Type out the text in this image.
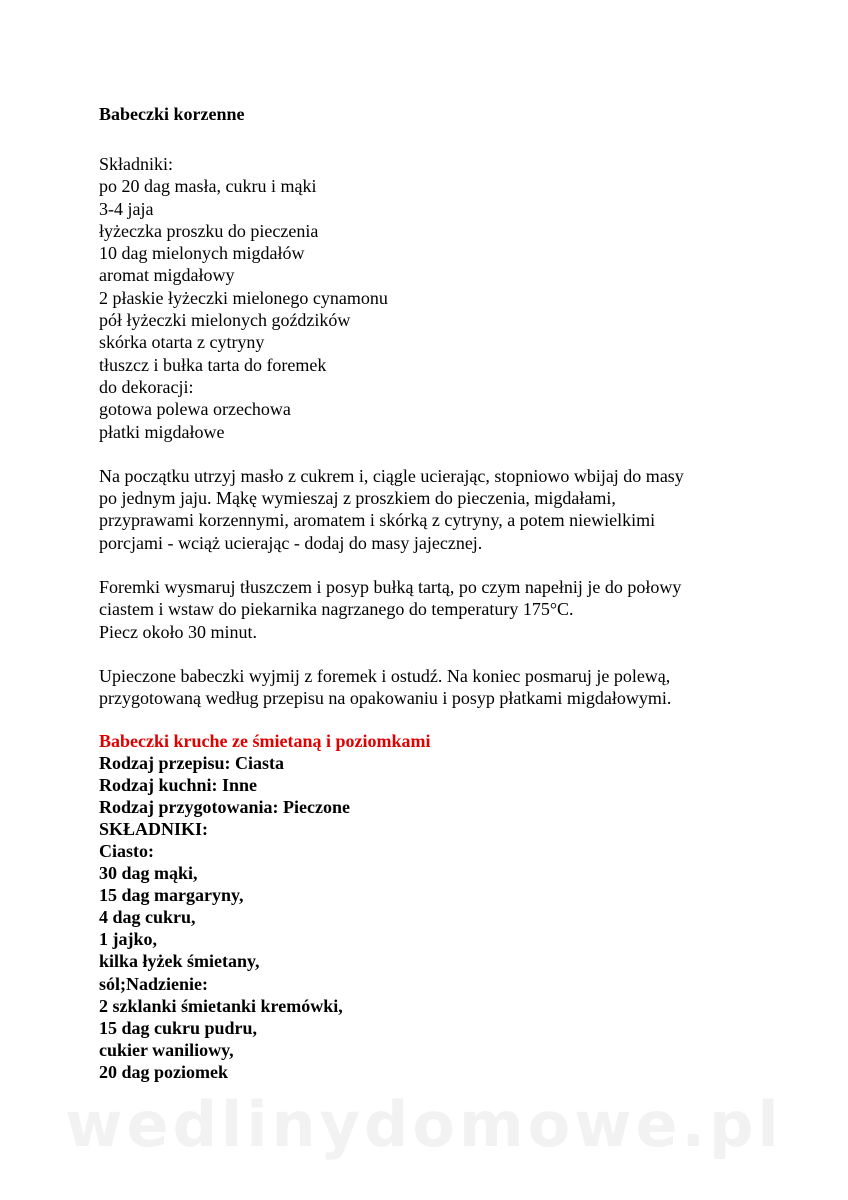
Babeczki korzenne
Składniki:
po 20 dag masła, cukru i mąki
3-4 jaja
łyżeczka proszku do pieczenia
10 dag mielonych migdałów
aromat migdałowy
2 płaskie łyżeczki mielonego cynamonu
pół łyżeczki mielonych goździków
skórka otarta z cytryny
tłuszcz i bułka tarta do foremek
do dekoracji:
gotowa polewa orzechowa
płatki migdałowe
Na początku utrzyj masło z cukrem i, ciągle ucierając, stopniowo wbijaj do masy
po jednym jaju. Mąkę wymieszaj z proszkiem do pieczenia, migdałami,
przyprawami korzennymi, aromatem i skórką z cytryny, a potem niewielkimi
porcjami - wciąż ucierając - dodaj do masy jajecznej.
Foremki wysmaruj tłuszczem i posyp bułką tartą, po czym napełnij je do połowy
ciastem i wstaw do piekarnika nagrzanego do temperatury 175°C.
Piecz około 30 minut.
Upieczone babeczki wyjmij z foremek i ostudź. Na koniec posmaruj je polewą,
przygotowaną według przepisu na opakowaniu i posyp płatkami migdałowymi.
Babeczki kruche ze śmietaną i poziomkami
Rodzaj przepisu: Ciasta
Rodzaj kuchni: Inne
Rodzaj przygotowania: Pieczone
SKŁADNIKI:
Ciasto:
30 dag mąki,
15 dag margaryny,
4 dag cukru,
1 jajko,
kilka łyżek śmietany,
sól;Nadzienie:
2 szklanki śmietanki kremówki,
15 dag cukru pudru,
cukier waniliowy,
20 dag poziomek
wedlinydomowe.pl
